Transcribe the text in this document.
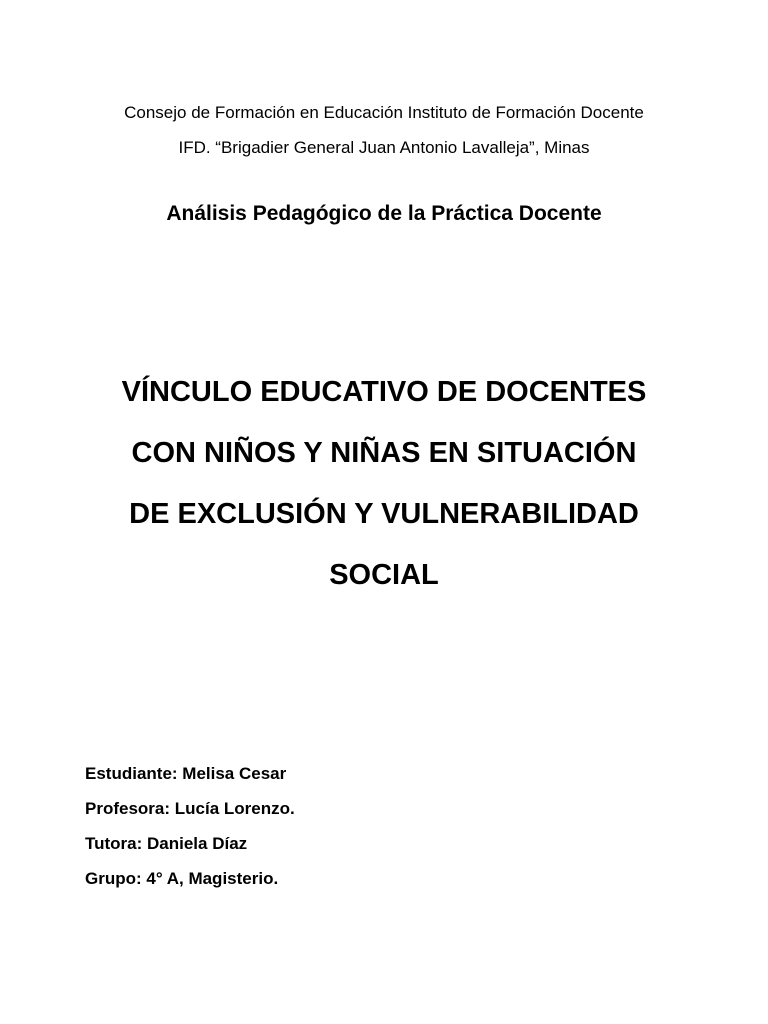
Consejo de Formación en Educación Instituto de Formación Docente
IFD. “Brigadier General Juan Antonio Lavalleja”, Minas
Análisis Pedagógico de la Práctica Docente
VÍNCULO EDUCATIVO DE DOCENTES
CON NIÑOS Y NIÑAS EN SITUACIÓN
DE EXCLUSIÓN Y VULNERABILIDAD
SOCIAL
Estudiante: Melisa Cesar
Profesora: Lucía Lorenzo.
Tutora: Daniela Díaz
Grupo: 4° A, Magisterio.
